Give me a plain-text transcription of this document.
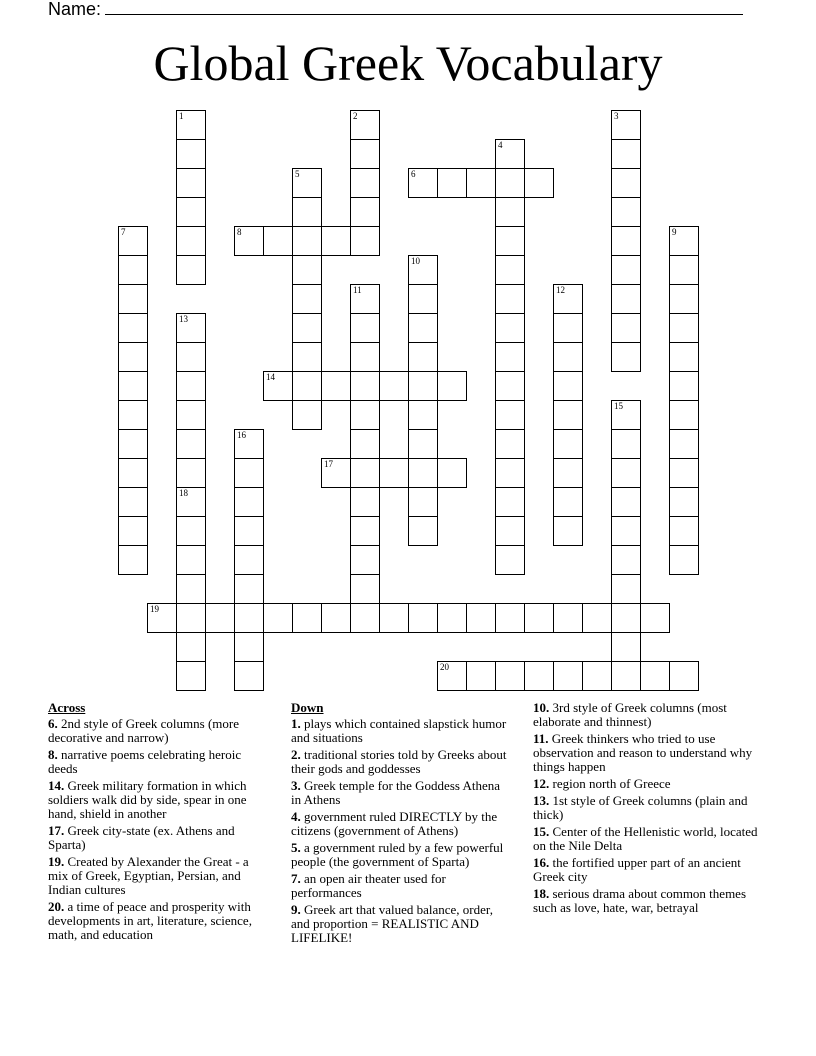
Name:
Global Greek Vocabulary
1	2	3
4
5	6
7	8	9
10
11	12
13
14
15
16
17
18
19
20
Across
6. 2nd style of Greek columns (more decorative and narrow)
8. narrative poems celebrating heroic deeds
14. Greek military formation in which soldiers walk did by side, spear in one hand, shield in another
17. Greek city-state (ex. Athens and Sparta)
19. Created by Alexander the Great - a mix of Greek, Egyptian, Persian, and Indian cultures
20. a time of peace and prosperity with developments in art, literature, science, math, and education
Down
1. plays which contained slapstick humor and situations
2. traditional stories told by Greeks about their gods and goddesses
3. Greek temple for the Goddess Athena in Athens
4. government ruled DIRECTLY by the citizens (government of Athens)
5. a government ruled by a few powerful people (the government of Sparta)
7. an open air theater used for performances
9. Greek art that valued balance, order, and proportion = REALISTIC AND LIFELIKE!
10. 3rd style of Greek columns (most elaborate and thinnest)
11. Greek thinkers who tried to use observation and reason to understand why things happen
12. region north of Greece
13. 1st style of Greek columns (plain and thick)
15. Center of the Hellenistic world, located on the Nile Delta
16. the fortified upper part of an ancient Greek city
18. serious drama about common themes such as love, hate, war, betrayal
